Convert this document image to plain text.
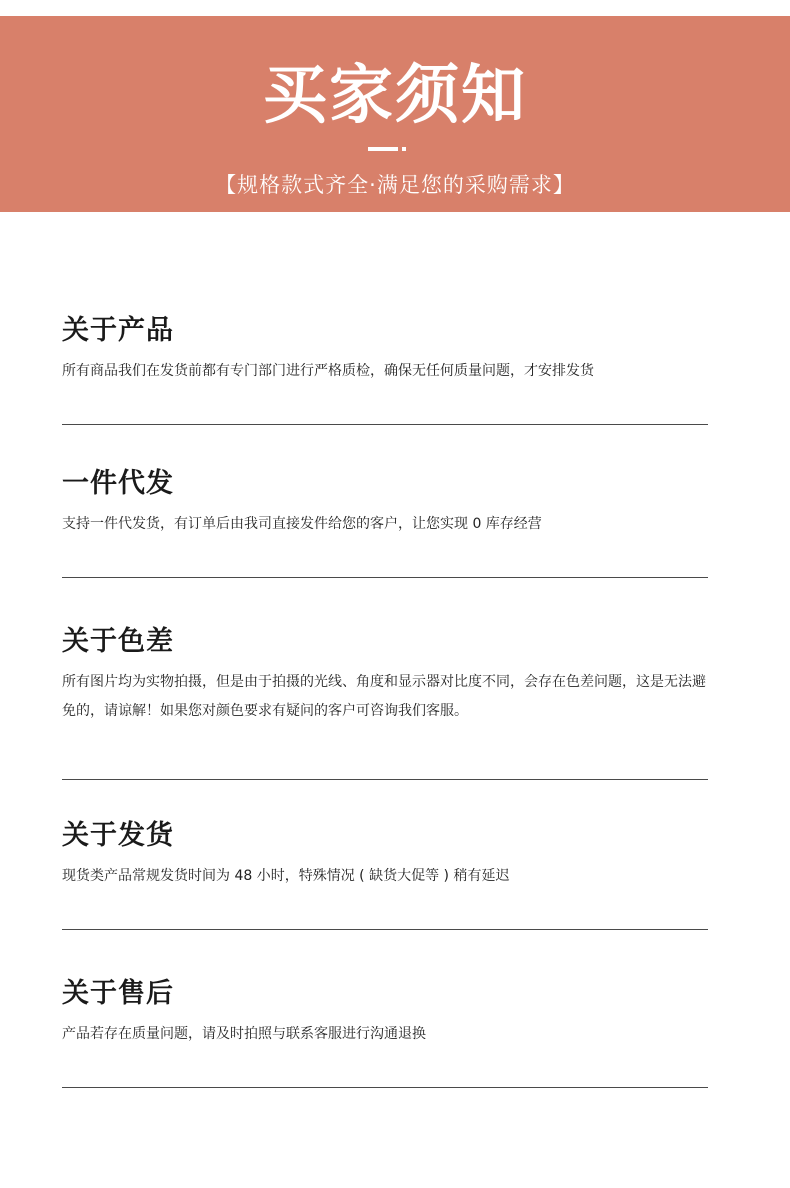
买家须知
【规格款式齐全·满足您的采购需求】
关于产品
所有商品我们在发货前都有专门部门进行严格质检，确保无任何质量问题，才安排发货
一件代发
支持一件代发货，有订单后由我司直接发件给您的客户，让您实现 0 库存经营
关于色差
所有图片均为实物拍摄，但是由于拍摄的光线、角度和显示器对比度不同，会存在色差问题，这是无法避免的，请谅解！如果您对颜色要求有疑问的客户可咨询我们客服。
关于发货
现货类产品常规发货时间为 48 小时，特殊情况 ( 缺货大促等 ) 稍有延迟
关于售后
产品若存在质量问题，请及时拍照与联系客服进行沟通退换
